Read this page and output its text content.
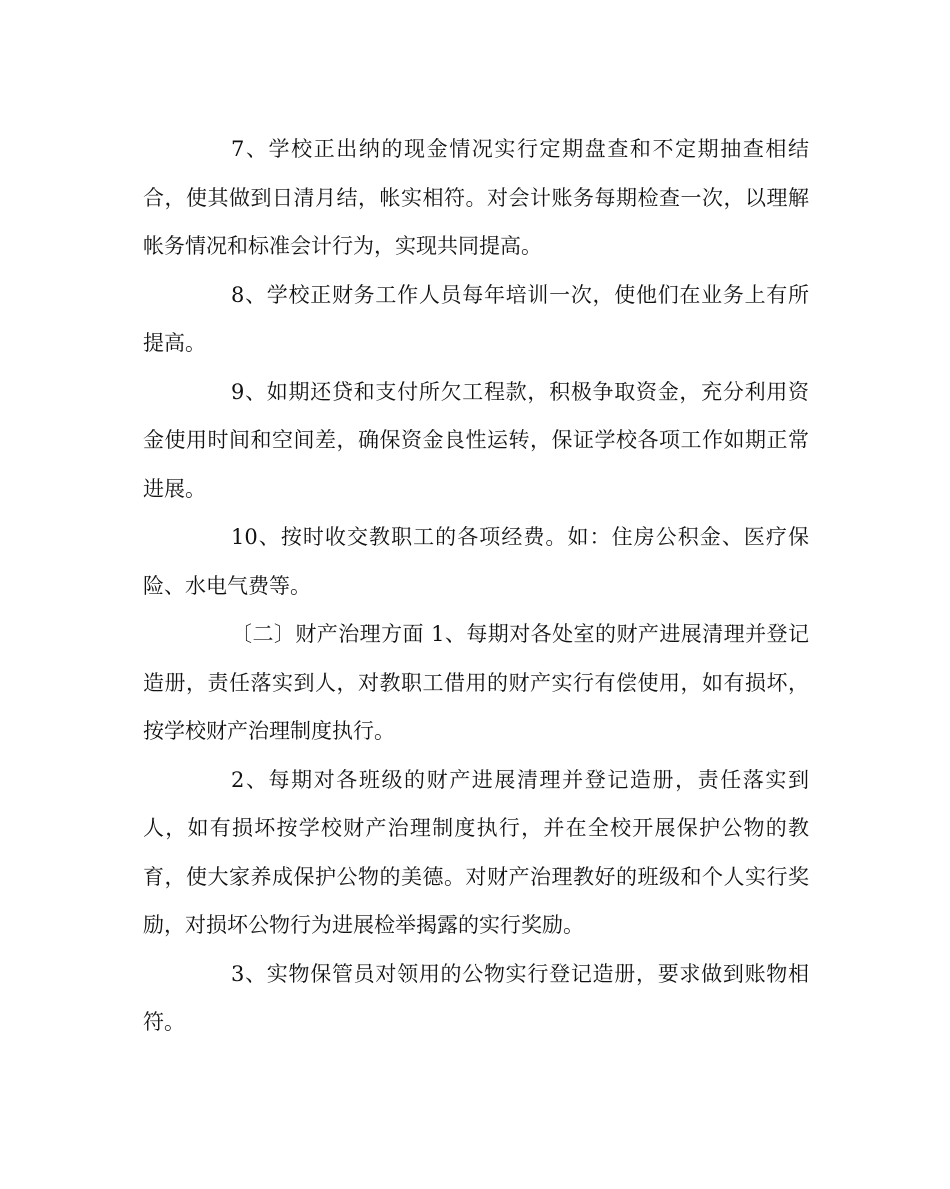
7、学校正出纳的现金情况实行定期盘查和不定期抽查相结合，使其做到日清月结，帐实相符。对会计账务每期检查一次，以理解帐务情况和标准会计行为，实现共同提高。

8、学校正财务工作人员每年培训一次，使他们在业务上有所提高。

9、如期还贷和支付所欠工程款，积极争取资金，充分利用资金使用时间和空间差，确保资金良性运转，保证学校各项工作如期正常进展。

10、按时收交教职工的各项经费。如：住房公积金、医疗保险、水电气费等。

〔二〕财产治理方面 1、每期对各处室的财产进展清理并登记造册，责任落实到人，对教职工借用的财产实行有偿使用，如有损坏，按学校财产治理制度执行。

2、每期对各班级的财产进展清理并登记造册，责任落实到人，如有损坏按学校财产治理制度执行，并在全校开展保护公物的教育，使大家养成保护公物的美德。对财产治理教好的班级和个人实行奖励，对损坏公物行为进展检举揭露的实行奖励。

3、实物保管员对领用的公物实行登记造册，要求做到账物相符。
